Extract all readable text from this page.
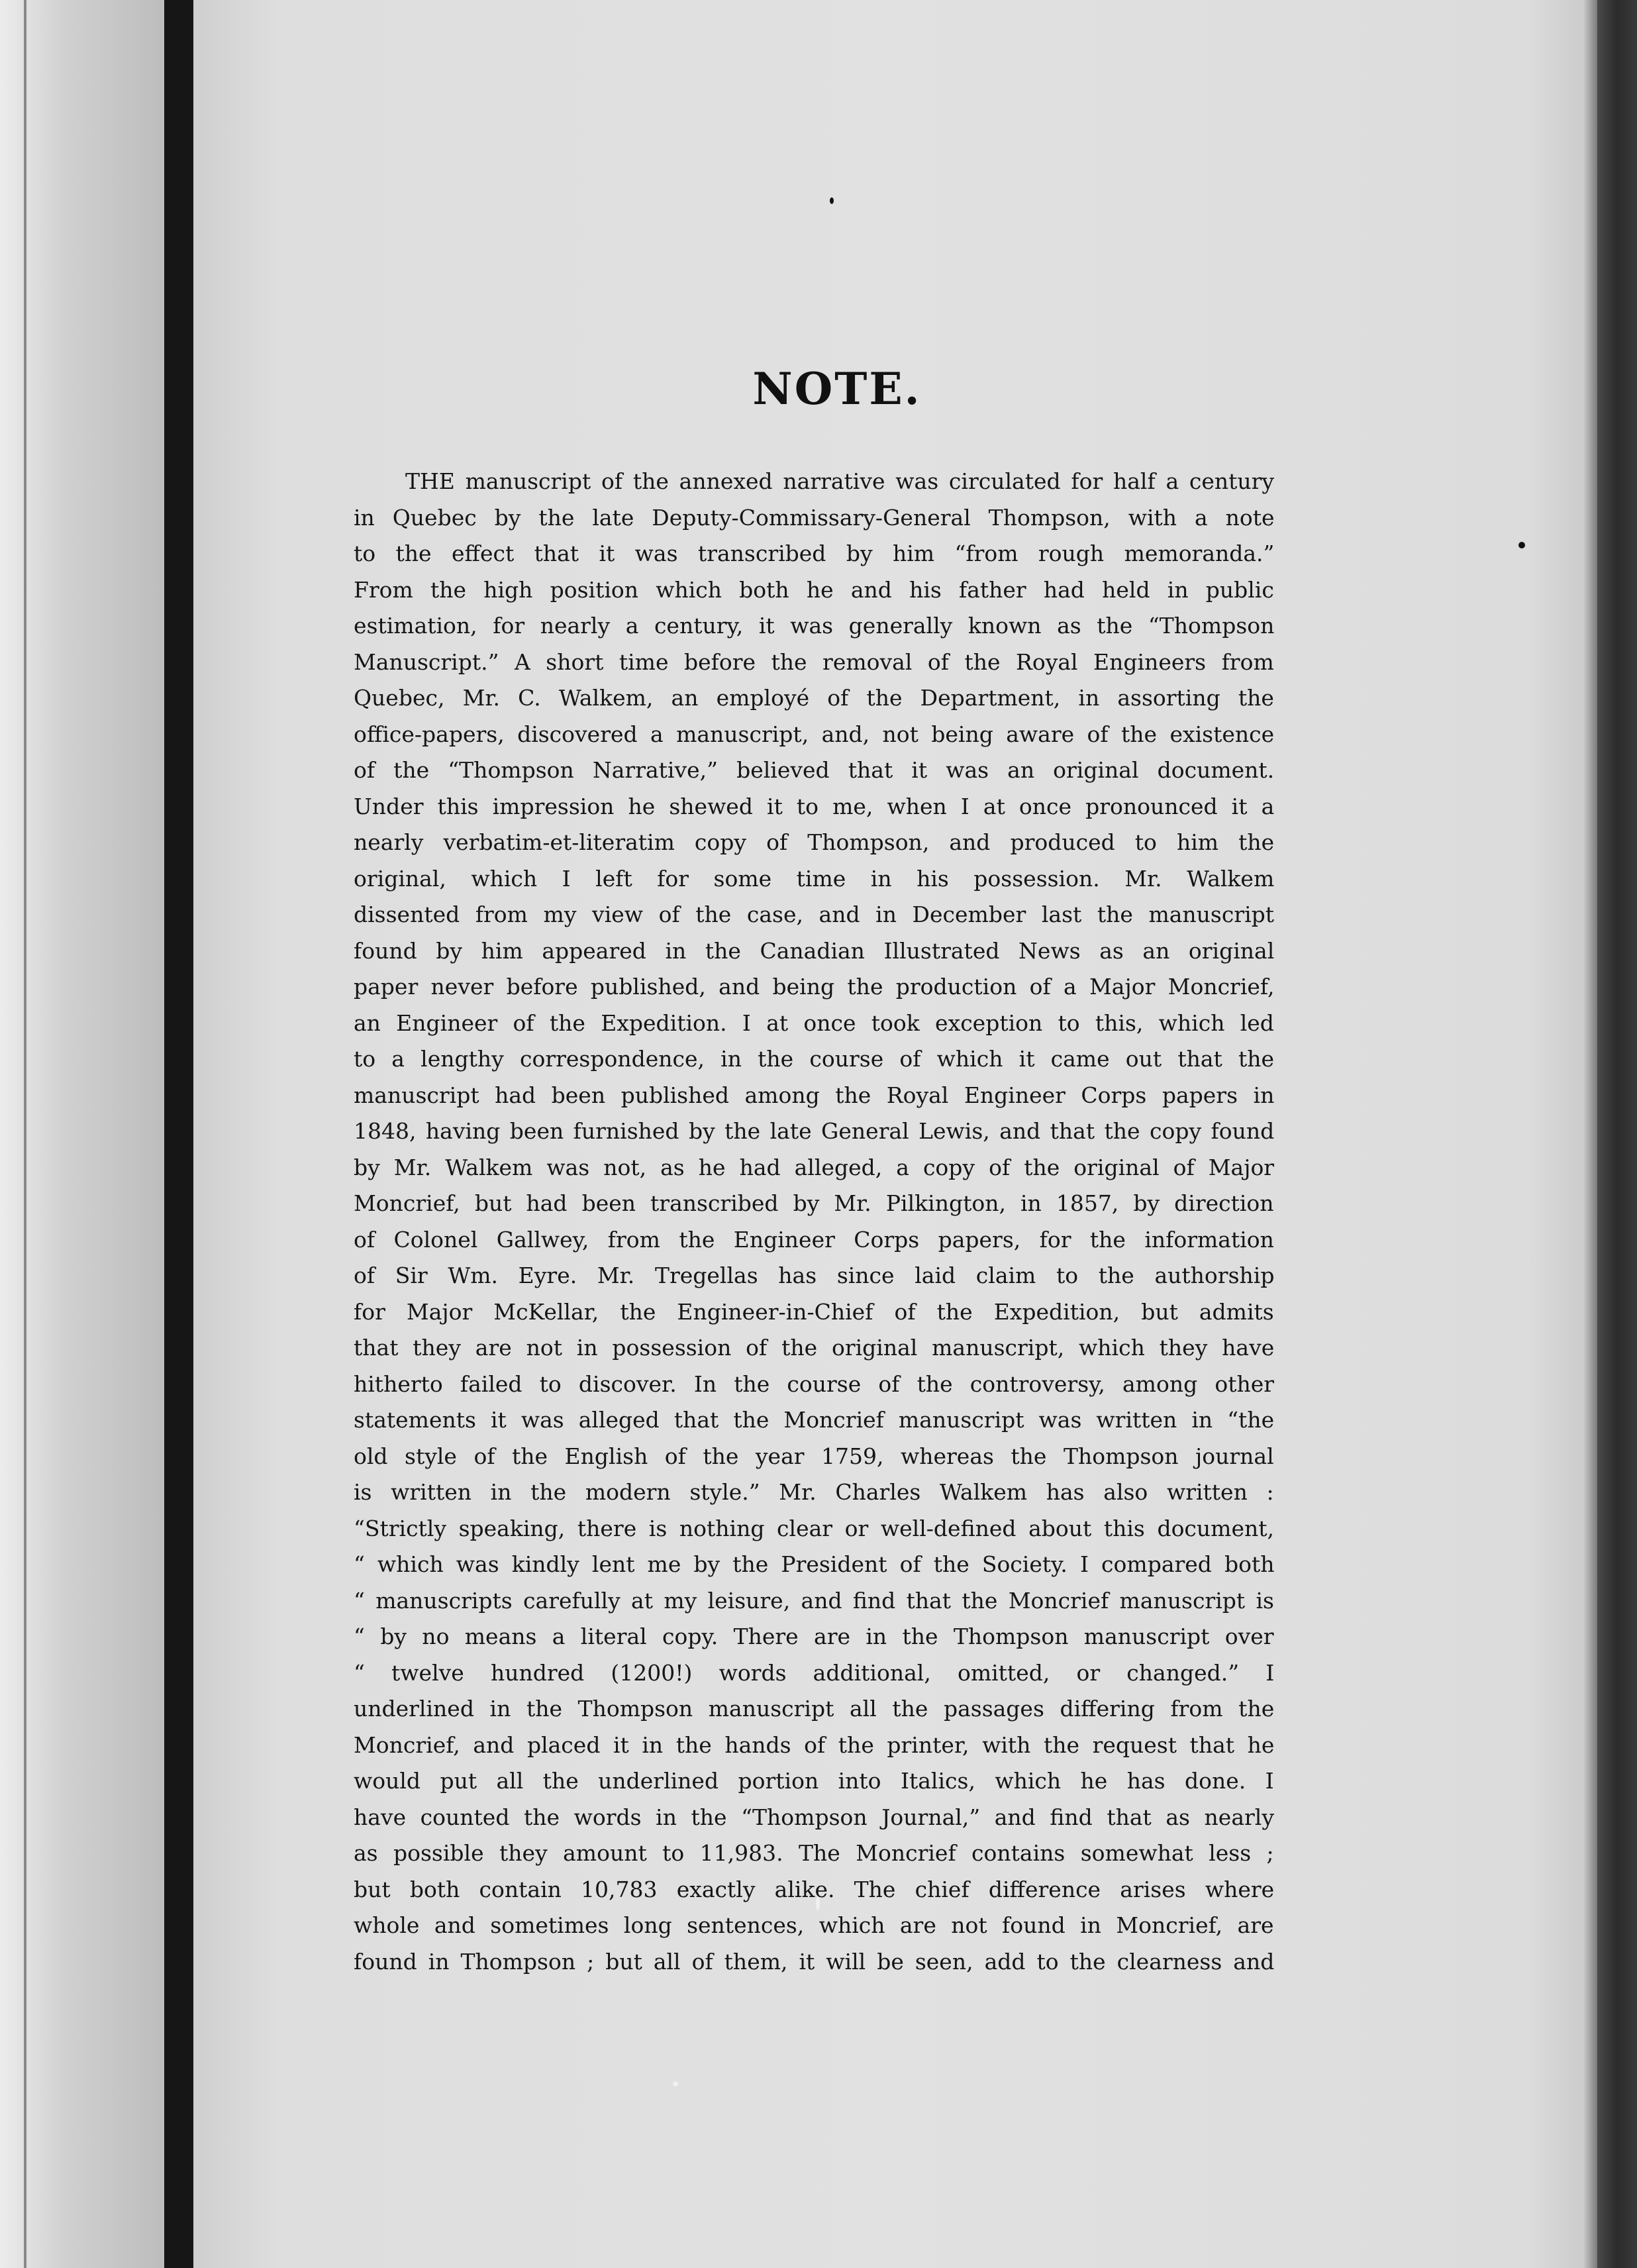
NOTE.
THE manuscript of the annexed narrative was circulated for half a century
in Quebec by the late Deputy-Commissary-General Thompson, with a note
to the effect that it was transcribed by him “from rough memoranda.”
From the high position which both he and his father had held in public
estimation, for nearly a century, it was generally known as the “Thompson
Manuscript.” A short time before the removal of the Royal Engineers from
Quebec, Mr. C. Walkem, an employé of the Department, in assorting the
office-papers, discovered a manuscript, and, not being aware of the existence
of the “Thompson Narrative,” believed that it was an original document.
Under this impression he shewed it to me, when I at once pronounced it a
nearly verbatim-et-literatim copy of Thompson, and produced to him the
original, which I left for some time in his possession. Mr. Walkem
dissented from my view of the case, and in December last the manuscript
found by him appeared in the Canadian Illustrated News as an original
paper never before published, and being the production of a Major Moncrief,
an Engineer of the Expedition. I at once took exception to this, which led
to a lengthy correspondence, in the course of which it came out that the
manuscript had been published among the Royal Engineer Corps papers in
1848, having been furnished by the late General Lewis, and that the copy found
by Mr. Walkem was not, as he had alleged, a copy of the original of Major
Moncrief, but had been transcribed by Mr. Pilkington, in 1857, by direction
of Colonel Gallwey, from the Engineer Corps papers, for the information
of Sir Wm. Eyre. Mr. Tregellas has since laid claim to the authorship
for Major McKellar, the Engineer-in-Chief of the Expedition, but admits
that they are not in possession of the original manuscript, which they have
hitherto failed to discover. In the course of the controversy, among other
statements it was alleged that the Moncrief manuscript was written in “the
old style of the English of the year 1759, whereas the Thompson journal
is written in the modern style.” Mr. Charles Walkem has also written :
“Strictly speaking, there is nothing clear or well-defined about this document,
“ which was kindly lent me by the President of the Society. I compared both
“ manuscripts carefully at my leisure, and find that the Moncrief manuscript is
“ by no means a literal copy. There are in the Thompson manuscript over
“ twelve hundred (1200!) words additional, omitted, or changed.” I
underlined in the Thompson manuscript all the passages differing from the
Moncrief, and placed it in the hands of the printer, with the request that he
would put all the underlined portion into Italics, which he has done. I
have counted the words in the “Thompson Journal,” and find that as nearly
as possible they amount to 11,983. The Moncrief contains somewhat less ;
but both contain 10,783 exactly alike. The chief difference arises where
whole and sometimes long sentences, which are not found in Moncrief, are
found in Thompson ; but all of them, it will be seen, add to the clearness and
